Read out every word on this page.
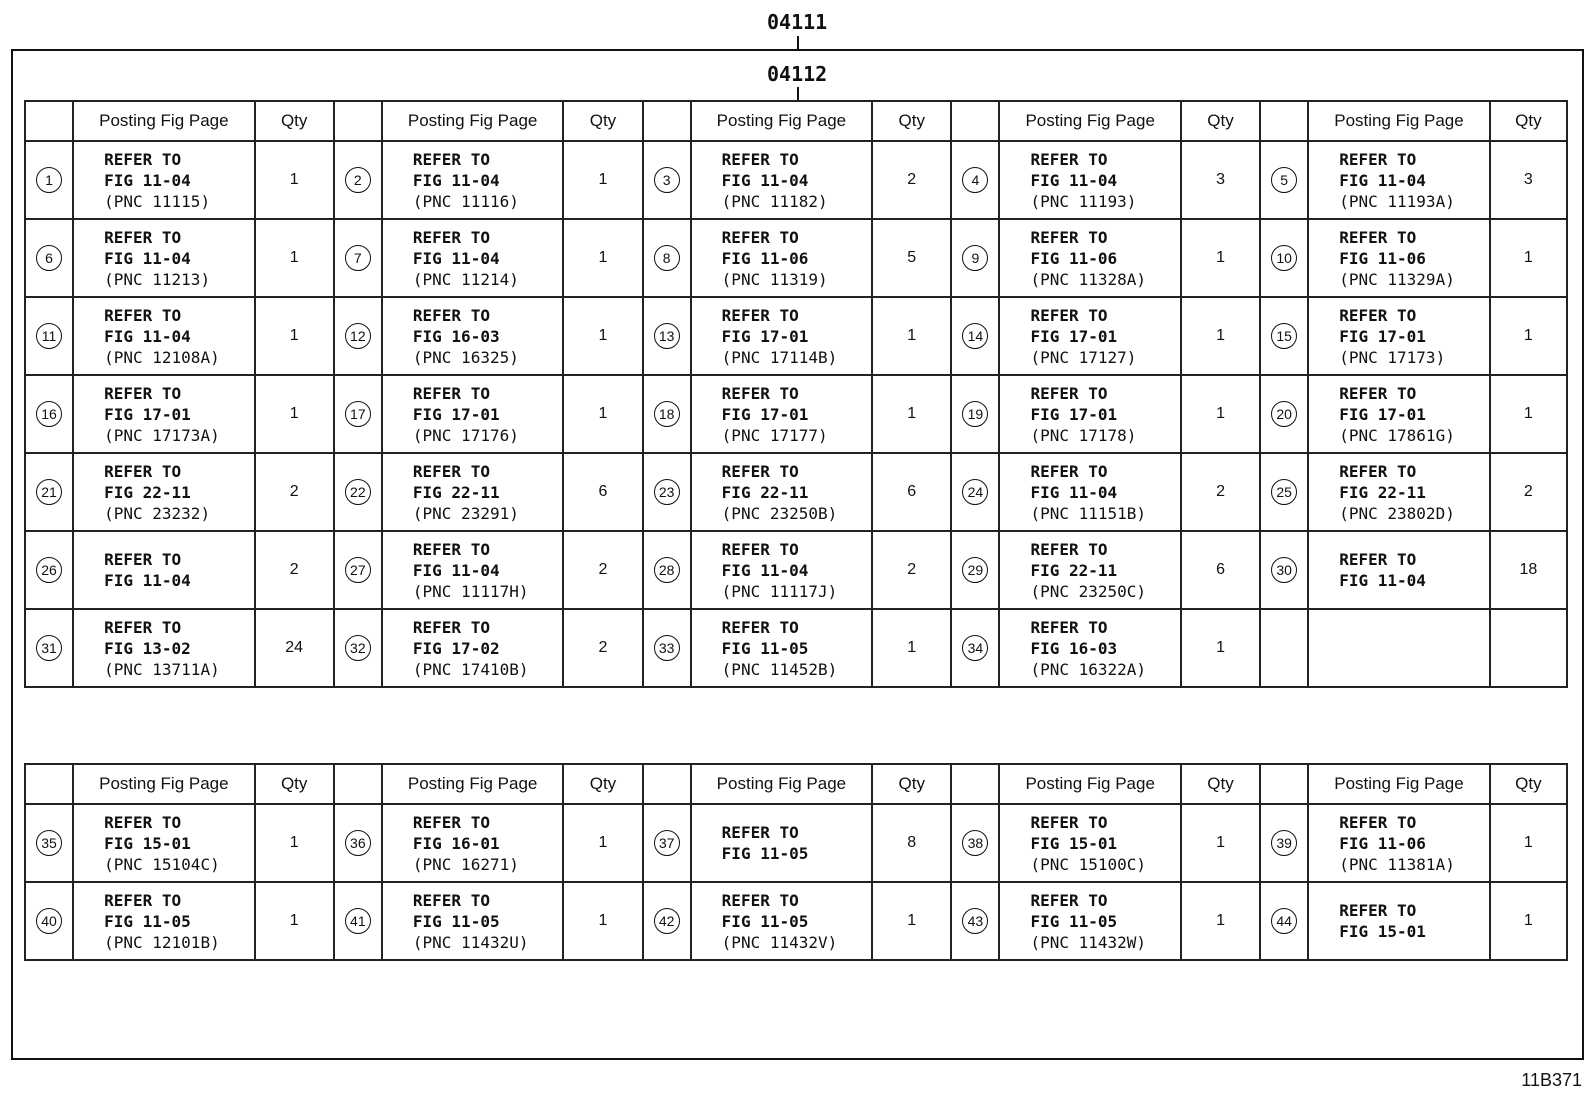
04111
04112
	Posting Fig Page	Qty		Posting Fig Page	Qty		Posting Fig Page	Qty		Posting Fig Page	Qty		Posting Fig Page	Qty
1	REFER TO
FIG 11-04
(PNC 11115)	1	2	REFER TO
FIG 11-04
(PNC 11116)	1	3	REFER TO
FIG 11-04
(PNC 11182)	2	4	REFER TO
FIG 11-04
(PNC 11193)	3	5	REFER TO
FIG 11-04
(PNC 11193A)	3
6	REFER TO
FIG 11-04
(PNC 11213)	1	7	REFER TO
FIG 11-04
(PNC 11214)	1	8	REFER TO
FIG 11-06
(PNC 11319)	5	9	REFER TO
FIG 11-06
(PNC 11328A)	1	10	REFER TO
FIG 11-06
(PNC 11329A)	1
11	REFER TO
FIG 11-04
(PNC 12108A)	1	12	REFER TO
FIG 16-03
(PNC 16325)	1	13	REFER TO
FIG 17-01
(PNC 17114B)	1	14	REFER TO
FIG 17-01
(PNC 17127)	1	15	REFER TO
FIG 17-01
(PNC 17173)	1
16	REFER TO
FIG 17-01
(PNC 17173A)	1	17	REFER TO
FIG 17-01
(PNC 17176)	1	18	REFER TO
FIG 17-01
(PNC 17177)	1	19	REFER TO
FIG 17-01
(PNC 17178)	1	20	REFER TO
FIG 17-01
(PNC 17861G)	1
21	REFER TO
FIG 22-11
(PNC 23232)	2	22	REFER TO
FIG 22-11
(PNC 23291)	6	23	REFER TO
FIG 22-11
(PNC 23250B)	6	24	REFER TO
FIG 11-04
(PNC 11151B)	2	25	REFER TO
FIG 22-11
(PNC 23802D)	2
26	REFER TO
FIG 11-04	2	27	REFER TO
FIG 11-04
(PNC 11117H)	2	28	REFER TO
FIG 11-04
(PNC 11117J)	2	29	REFER TO
FIG 22-11
(PNC 23250C)	6	30	REFER TO
FIG 11-04	18
31	REFER TO
FIG 13-02
(PNC 13711A)	24	32	REFER TO
FIG 17-02
(PNC 17410B)	2	33	REFER TO
FIG 11-05
(PNC 11452B)	1	34	REFER TO
FIG 16-03
(PNC 16322A)	1			
	Posting Fig Page	Qty		Posting Fig Page	Qty		Posting Fig Page	Qty		Posting Fig Page	Qty		Posting Fig Page	Qty
35	REFER TO
FIG 15-01
(PNC 15104C)	1	36	REFER TO
FIG 16-01
(PNC 16271)	1	37	REFER TO
FIG 11-05	8	38	REFER TO
FIG 15-01
(PNC 15100C)	1	39	REFER TO
FIG 11-06
(PNC 11381A)	1
40	REFER TO
FIG 11-05
(PNC 12101B)	1	41	REFER TO
FIG 11-05
(PNC 11432U)	1	42	REFER TO
FIG 11-05
(PNC 11432V)	1	43	REFER TO
FIG 11-05
(PNC 11432W)	1	44	REFER TO
FIG 15-01	1
11B371
